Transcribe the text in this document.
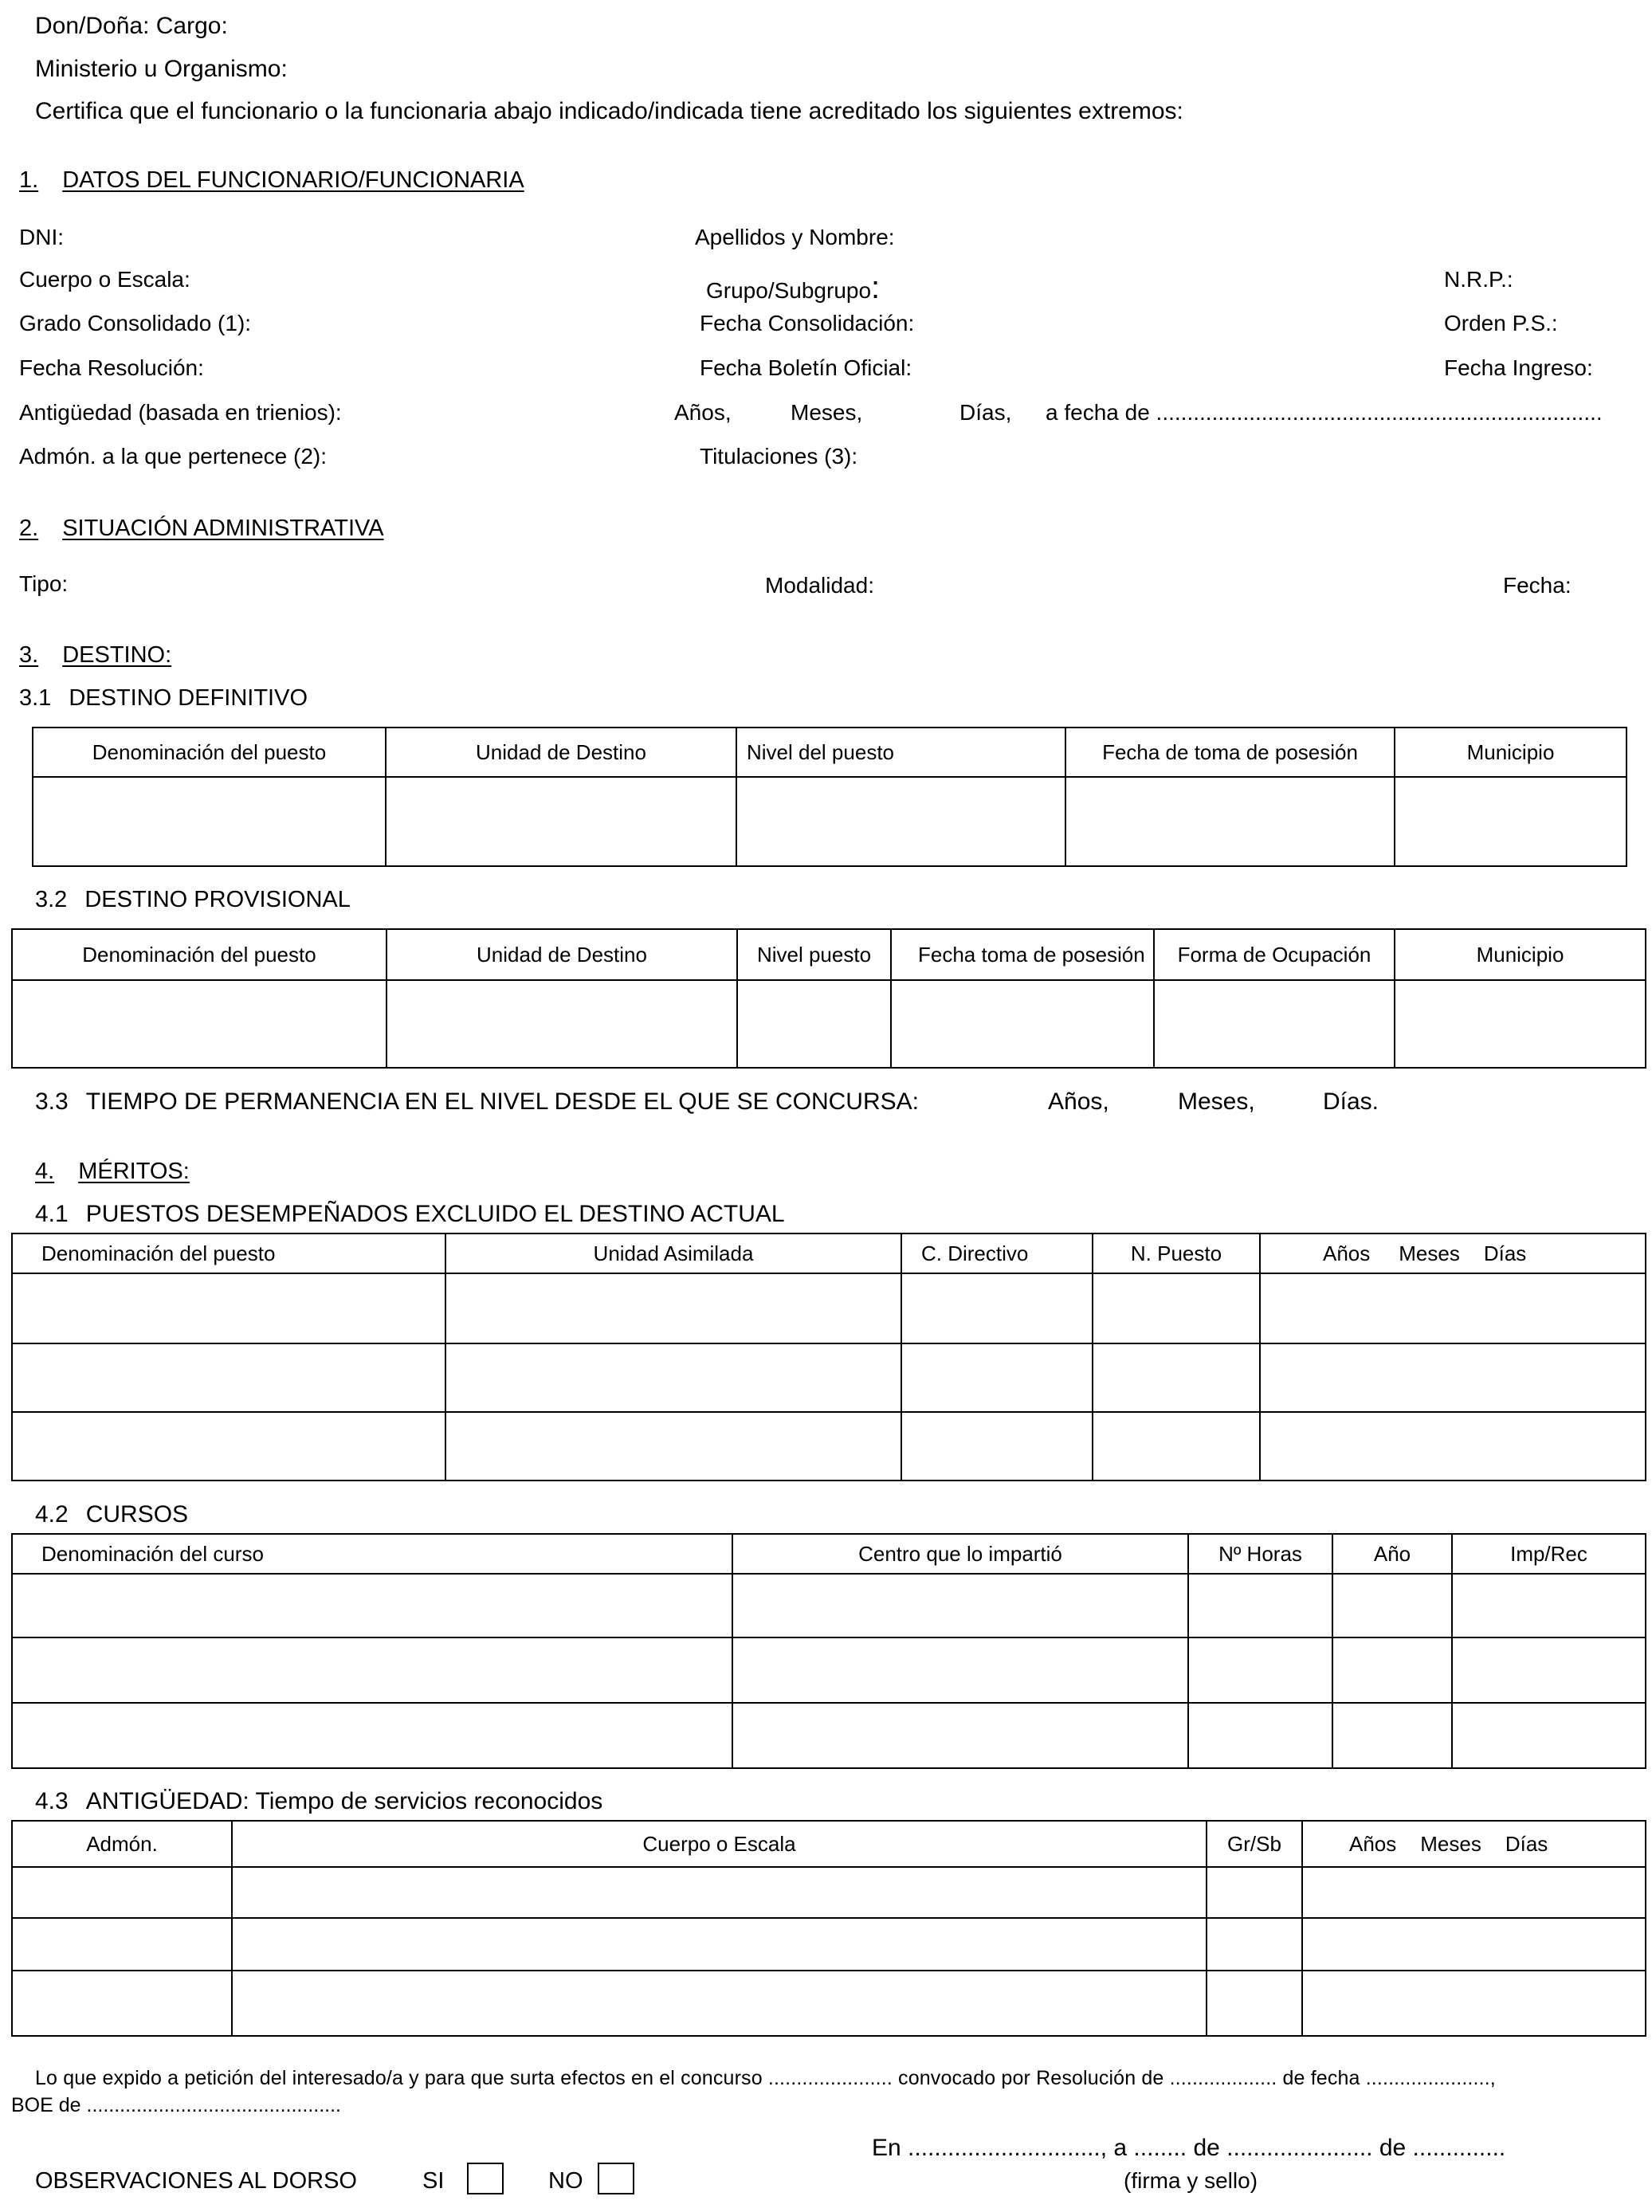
Don/Doña: Cargo:
Ministerio u Organismo:
Certifica que el funcionario o la funcionaria abajo indicado/indicada tiene acreditado los siguientes extremos:
1. DATOS DEL FUNCIONARIO/FUNCIONARIA
DNI:	Apellidos y Nombre:
Cuerpo o Escala:	Grupo/Subgrupo:	N.R.P.:
Grado Consolidado (1):	Fecha Consolidación:	Orden P.S.:
Fecha Resolución:	Fecha Boletín Oficial:	Fecha Ingreso:
Antigüedad (basada en trienios):	Años,	Meses,	Días, a fecha de ........................................................................
Admón. a la que pertenece (2):	Titulaciones (3):
2. SITUACIÓN ADMINISTRATIVA
Tipo:	Modalidad:	Fecha:
3. DESTINO:
3.1 DESTINO DEFINITIVO
Denominación del puesto	Unidad de Destino	Nivel del puesto	Fecha de toma de posesión	Municipio

3.2 DESTINO PROVISIONAL
Denominación del puesto	Unidad de Destino	Nivel puesto	Fecha toma de posesión	Forma de Ocupación	Municipio

3.3 TIEMPO DE PERMANENCIA EN EL NIVEL DESDE EL QUE SE CONCURSA:	Años,	Meses,	Días.
4. MÉRITOS:
4.1 PUESTOS DESEMPEÑADOS EXCLUIDO EL DESTINO ACTUAL
Denominación del puesto	Unidad Asimilada	C. Directivo	N. Puesto	Años Meses Días

4.2 CURSOS
Denominación del curso	Centro que lo impartió	Nº Horas	Año	Imp/Rec

4.3 ANTIGÜEDAD: Tiempo de servicios reconocidos
Admón.	Cuerpo o Escala	Gr/Sb	Años Meses Días

Lo que expido a petición del interesado/a y para que surta efectos en el concurso ...................... convocado por Resolución de ................... de fecha ......................,
BOE de ..............................................
En ............................., a ........ de ...................... de ..............
(firma y sello)
OBSERVACIONES AL DORSO	SI	NO
